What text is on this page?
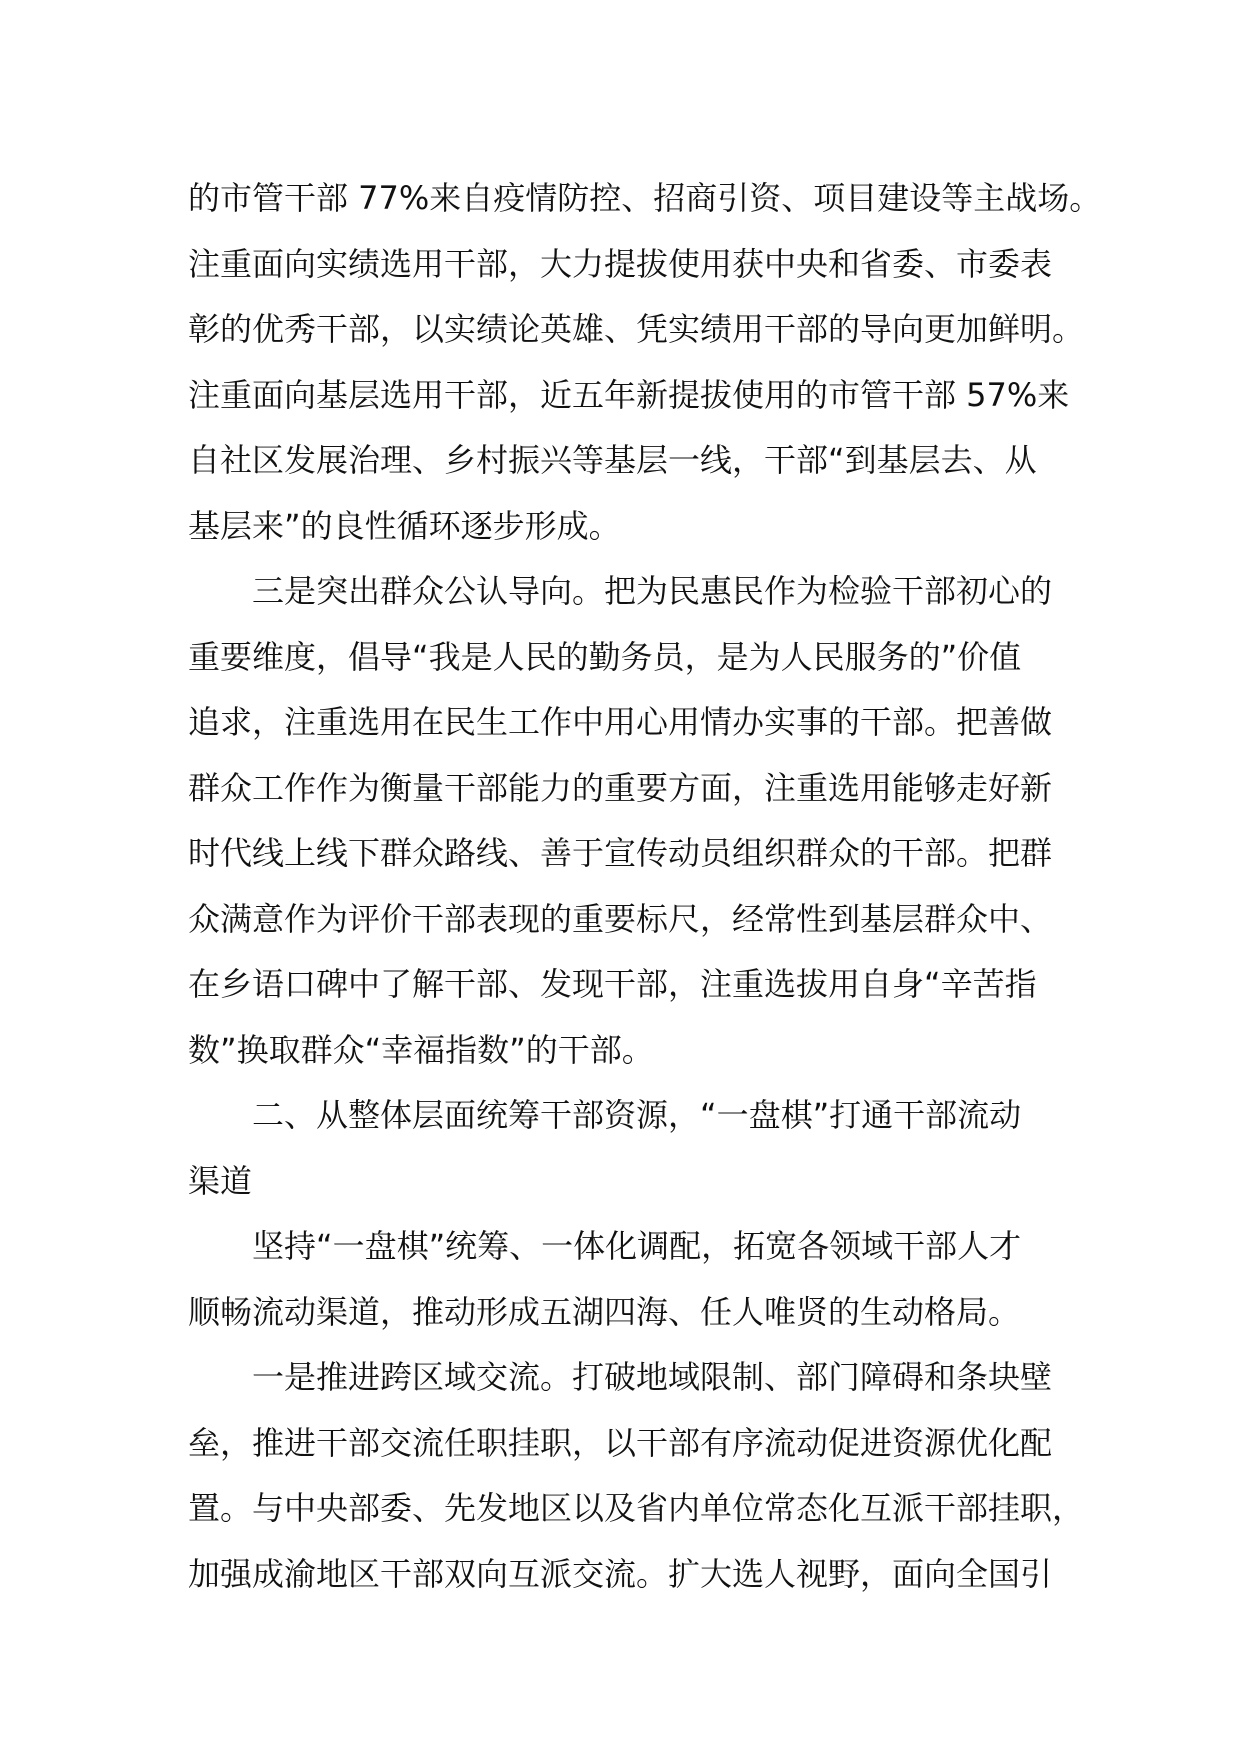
的市管干部 77%来自疫情防控、招商引资、项目建设等主战场。
注重面向实绩选用干部，大力提拔使用获中央和省委、市委表
彰的优秀干部，以实绩论英雄、凭实绩用干部的导向更加鲜明。
注重面向基层选用干部，近五年新提拔使用的市管干部 57%来
自社区发展治理、乡村振兴等基层一线，干部“到基层去、从
基层来”的良性循环逐步形成。
　　三是突出群众公认导向。把为民惠民作为检验干部初心的
重要维度，倡导“我是人民的勤务员，是为人民服务的”价值
追求，注重选用在民生工作中用心用情办实事的干部。把善做
群众工作作为衡量干部能力的重要方面，注重选用能够走好新
时代线上线下群众路线、善于宣传动员组织群众的干部。把群
众满意作为评价干部表现的重要标尺，经常性到基层群众中、
在乡语口碑中了解干部、发现干部，注重选拔用自身“辛苦指
数”换取群众“幸福指数”的干部。
　　二、从整体层面统筹干部资源，“一盘棋”打通干部流动
渠道
　　坚持“一盘棋”统筹、一体化调配，拓宽各领域干部人才
顺畅流动渠道，推动形成五湖四海、任人唯贤的生动格局。
　　一是推进跨区域交流。打破地域限制、部门障碍和条块壁
垒，推进干部交流任职挂职，以干部有序流动促进资源优化配
置。与中央部委、先发地区以及省内单位常态化互派干部挂职，
加强成渝地区干部双向互派交流。扩大选人视野，面向全国引
